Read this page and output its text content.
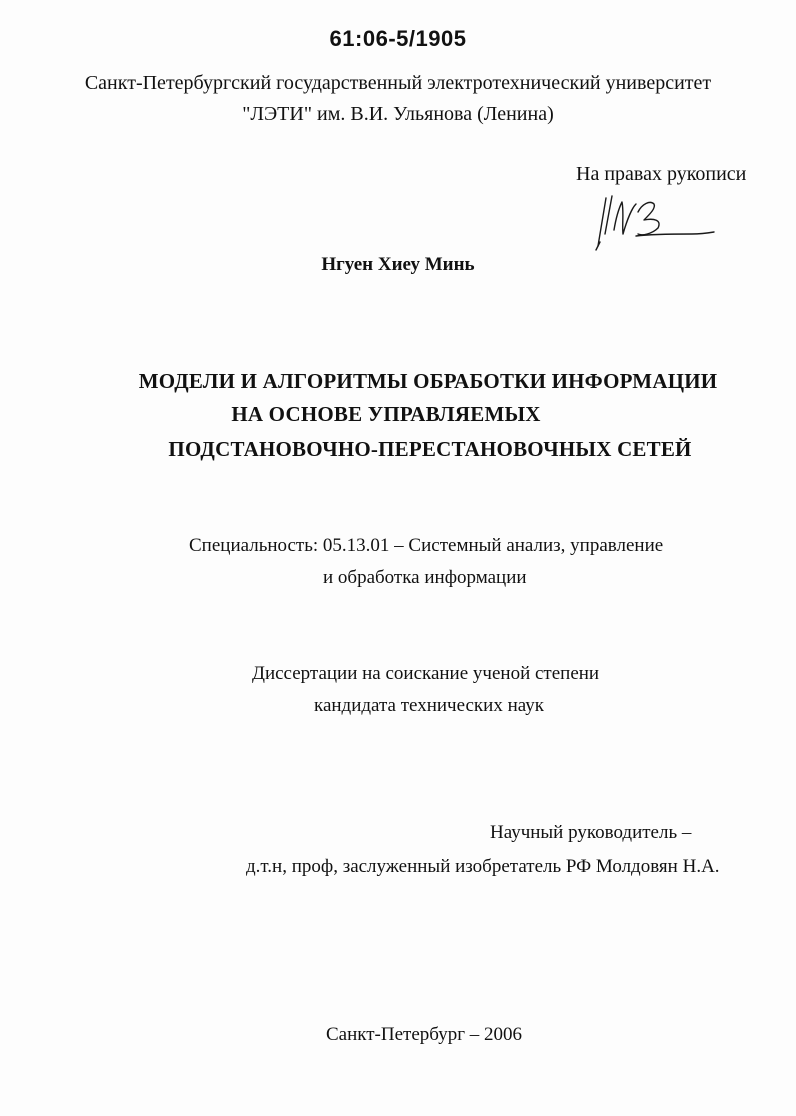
61:06-5/1905
Санкт-Петербургский государственный электротехнический университет
"ЛЭТИ" им. В.И. Ульянова (Ленина)
На правах рукописи
Нгуен Хиеу Минь
МОДЕЛИ И АЛГОРИТМЫ ОБРАБОТКИ ИНФОРМАЦИИ
НА ОСНОВЕ УПРАВЛЯЕМЫХ
ПОДСТАНОВОЧНО-ПЕРЕСТАНОВОЧНЫХ СЕТЕЙ
Специальность: 05.13.01 – Системный анализ, управление
и обработка информации
Диссертации на соискание ученой степени
кандидата технических наук
Научный руководитель –
д.т.н, проф, заслуженный изобретатель РФ Молдовян Н.А.
Санкт-Петербург – 2006
